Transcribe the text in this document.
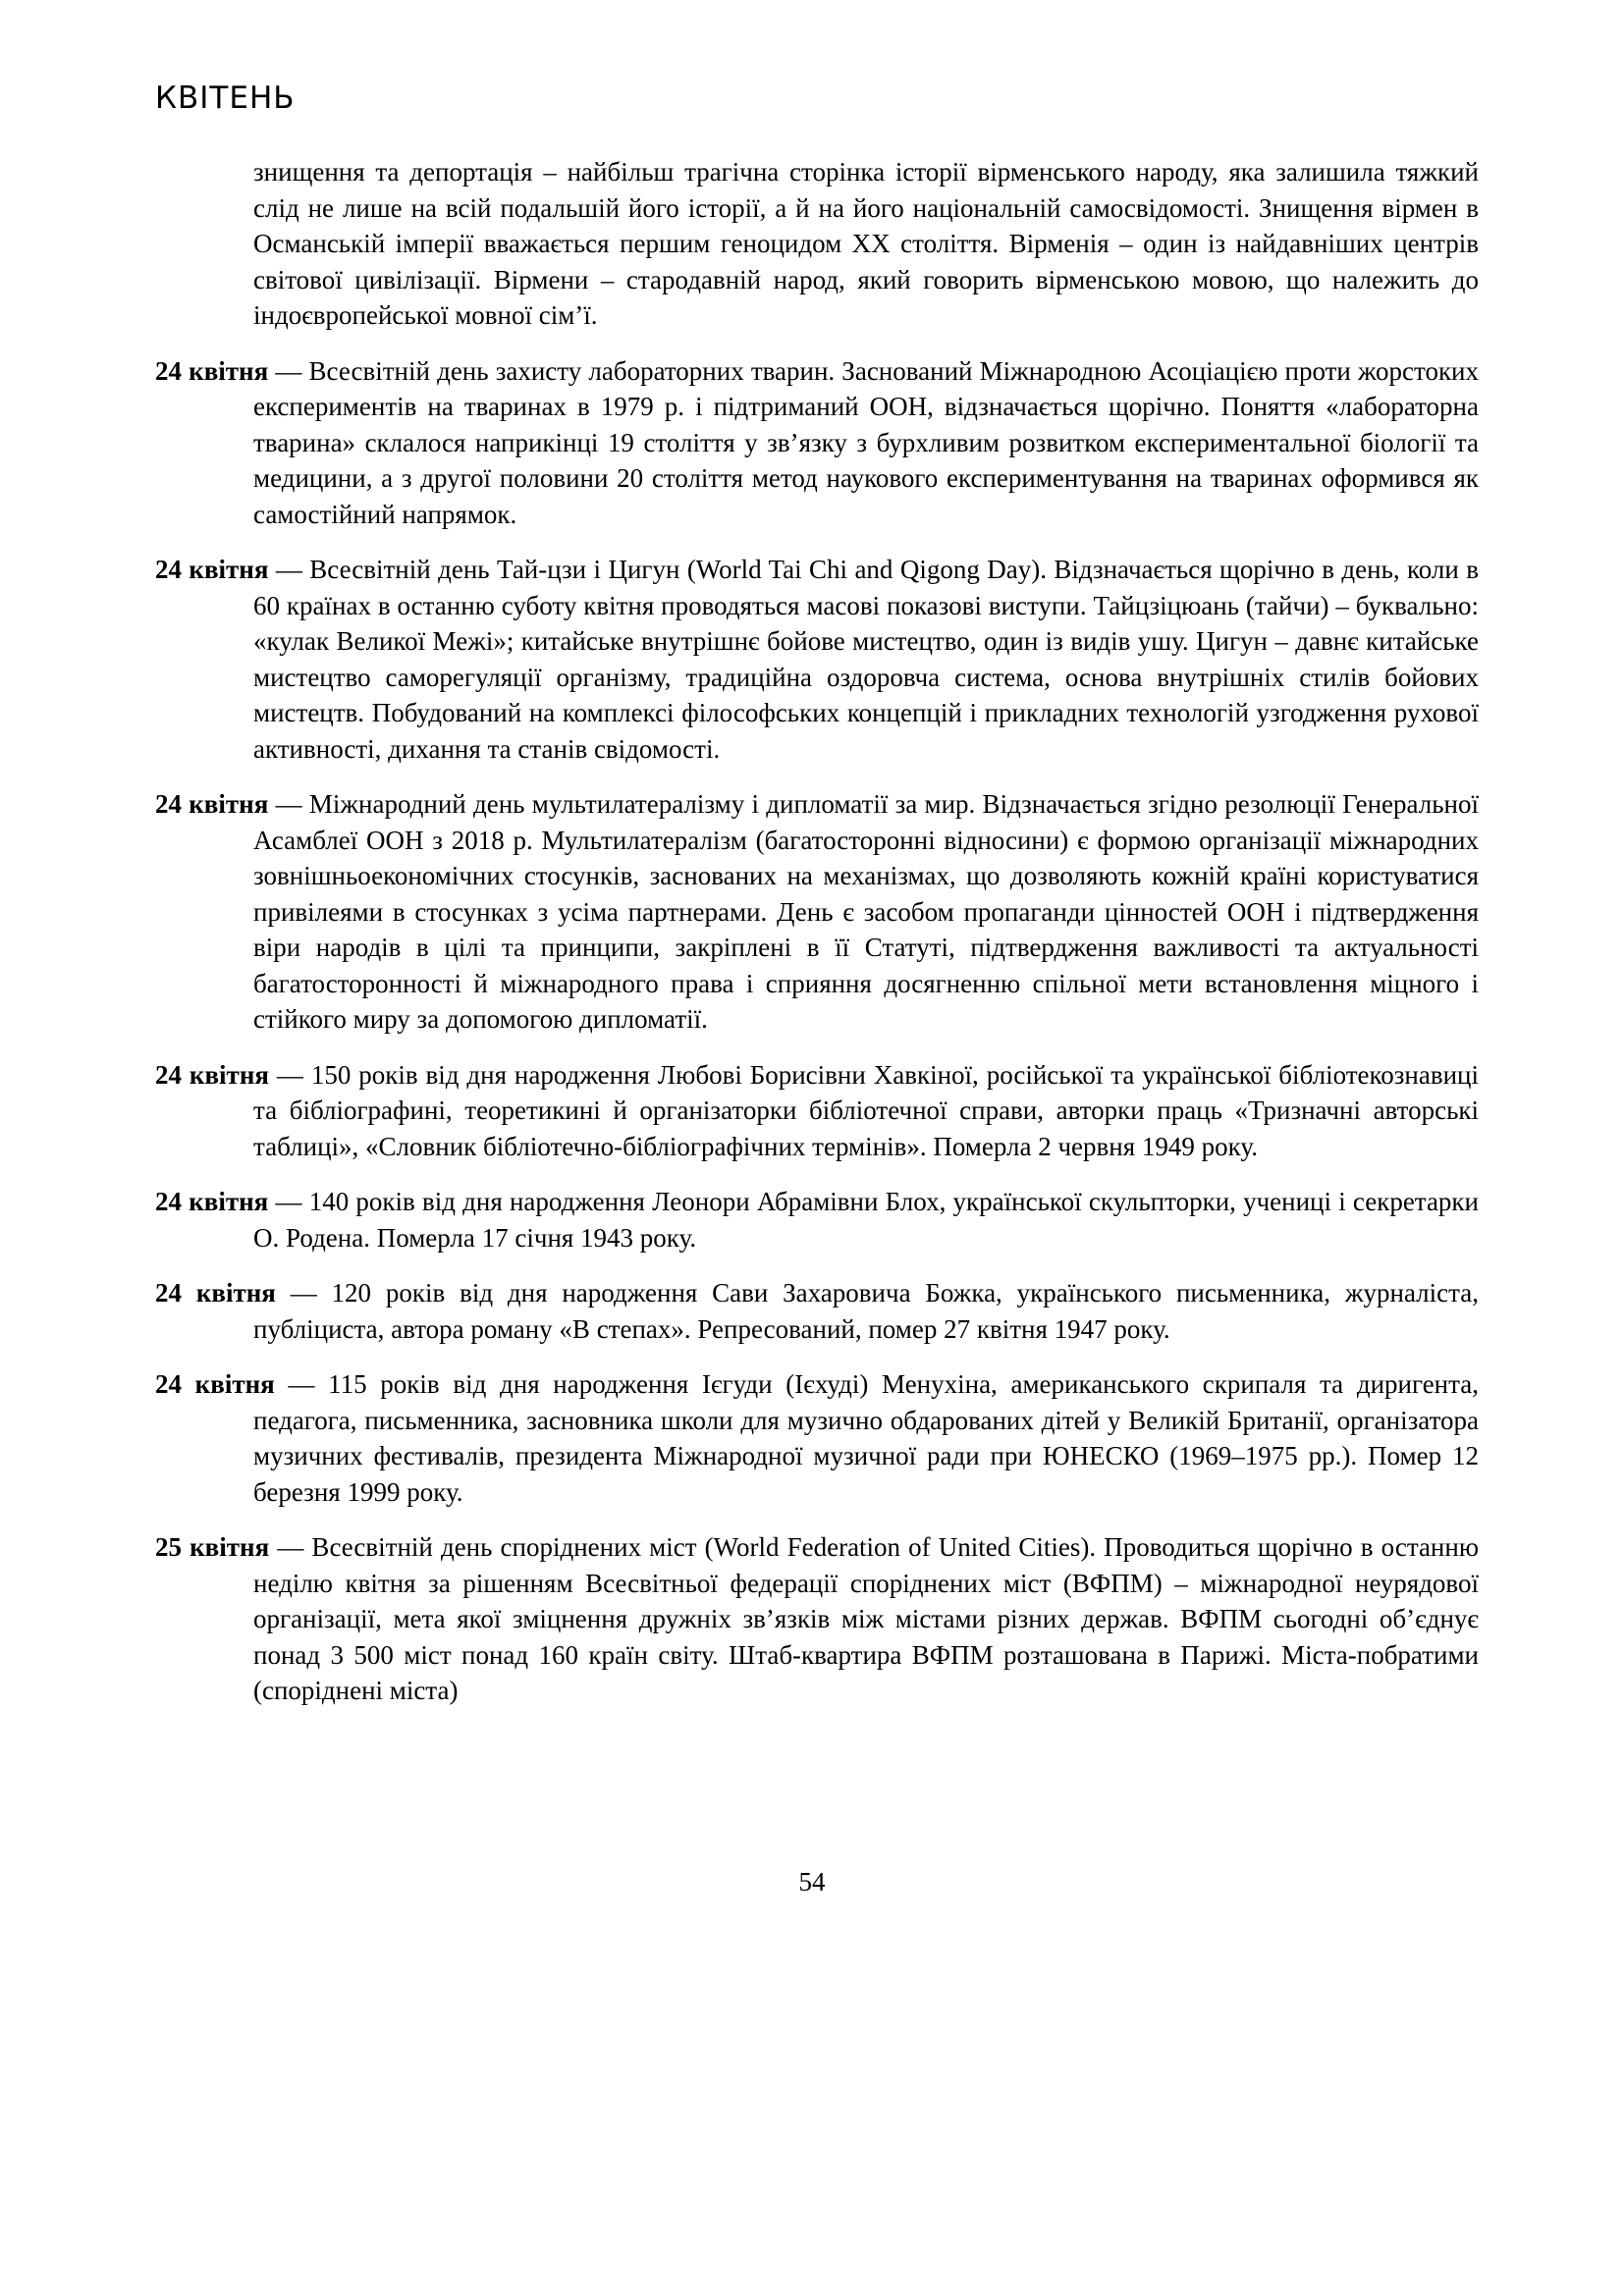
КВІТЕНЬ

знищення та депортація – найбільш трагічна сторінка історії вірменського народу, яка залишила тяжкий слід не лише на всій подальшій його історії, а й на його національній самосвідомості. Знищення вірмен в Османській імперії вважається першим геноцидом XX століття. Вірменія – один із найдавніших центрів світової цивілізації. Вірмени – стародавній народ, який говорить вірменською мовою, що належить до індоєвропейської мовної сім’ї.

24 квітня — Всесвітній день захисту лабораторних тварин. Заснований Міжнародною Асоціацією проти жорстоких експериментів на тваринах в 1979 р. і підтриманий ООН, відзначається щорічно. Поняття «лабораторна тварина» склалося наприкінці 19 століття у зв’язку з бурхливим розвитком експериментальної біології та медицини, а з другої половини 20 століття метод наукового експериментування на тваринах оформився як самостійний напрямок.

24 квітня — Всесвітній день Тай-цзи і Цигун (World Tai Chi and Qigong Day). Відзначається щорічно в день, коли в 60 країнах в останню суботу квітня проводяться масові показові виступи. Тайцзіцюань (тайчи) – буквально: «кулак Великої Межі»; китайське внутрішнє бойове мистецтво, один із видів ушу. Цигун – давнє китайське мистецтво саморегуляції організму, традиційна оздоровча система, основа внутрішніх стилів бойових мистецтв. Побудований на комплексі філософських концепцій і прикладних технологій узгодження рухової активності, дихання та станів свідомості.

24 квітня — Міжнародний день мультилатералізму і дипломатії за мир. Відзначається згідно резолюції Генеральної Асамблеї ООН з 2018 р. Мультилатералізм (багатосторонні відносини) є формою організації міжнародних зовнішньоекономічних стосунків, заснованих на механізмах, що дозволяють кожній країні користуватися привілеями в стосунках з усіма партнерами. День є засобом пропаганди цінностей ООН і підтвердження віри народів в цілі та принципи, закріплені в її Статуті, підтвердження важливості та актуальності багатосторонності й міжнародного права і сприяння досягненню спільної мети встановлення міцного і стійкого миру за допомогою дипломатії.

24 квітня — 150 років від дня народження Любові Борисівни Хавкіної, російської та української бібліотекознавиці та бібліографині, теоретикині й організаторки бібліотечної справи, авторки праць «Тризначні авторські таблиці», «Словник бібліотечно-бібліографічних термінів». Померла 2 червня 1949 року.

24 квітня — 140 років від дня народження Леонори Абрамівни Блох, української скульпторки, учениці і секретарки О. Родена. Померла 17 січня 1943 року.

24 квітня — 120 років від дня народження Сави Захаровича Божка, українського письменника, журналіста, публіциста, автора роману «В степах». Репресований, помер 27 квітня 1947 року.

24 квітня — 115 років від дня народження Ієгуди (Ієхуді) Менухіна, американського скрипаля та диригента, педагога, письменника, засновника школи для музично обдарованих дітей у Великій Британії, організатора музичних фестивалів, президента Міжнародної музичної ради при ЮНЕСКО (1969–1975 рр.). Помер 12 березня 1999 року.

25 квітня — Всесвітній день споріднених міст (World Federation of United Cities). Проводиться щорічно в останню неділю квітня за рішенням Всесвітньої федерації споріднених міст (ВФПМ) – міжнародної неурядової організації, мета якої зміцнення дружніх зв’язків між містами різних держав. ВФПМ сьогодні об’єднує понад 3 500 міст понад 160 країн світу. Штаб-квартира ВФПМ розташована в Парижі. Міста-побратими (споріднені міста)

54
